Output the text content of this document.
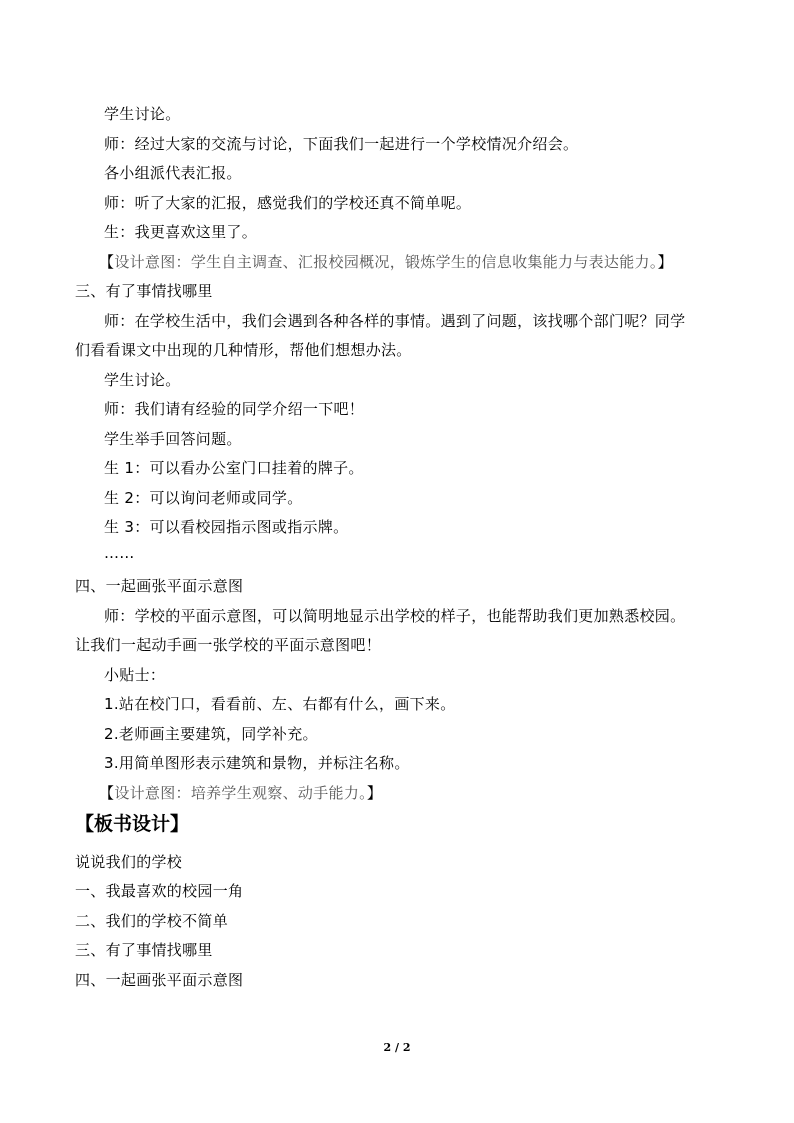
学生讨论。
师：经过大家的交流与讨论，下面我们一起进行一个学校情况介绍会。
各小组派代表汇报。
师：听了大家的汇报，感觉我们的学校还真不简单呢。
生：我更喜欢这里了。
【设计意图：学生自主调查、汇报校园概况，锻炼学生的信息收集能力与表达能力。】
三、有了事情找哪里
师：在学校生活中，我们会遇到各种各样的事情。遇到了问题，该找哪个部门呢？同学
们看看课文中出现的几种情形，帮他们想想办法。
学生讨论。
师：我们请有经验的同学介绍一下吧！
学生举手回答问题。
生 1：可以看办公室门口挂着的牌子。
生 2：可以询问老师或同学。
生 3：可以看校园指示图或指示牌。
……
四、一起画张平面示意图
师：学校的平面示意图，可以简明地显示出学校的样子，也能帮助我们更加熟悉校园。
让我们一起动手画一张学校的平面示意图吧！
小贴士：
1.站在校门口，看看前、左、右都有什么，画下来。
2.老师画主要建筑，同学补充。
3.用简单图形表示建筑和景物，并标注名称。
【设计意图：培养学生观察、动手能力。】
【板书设计】
说说我们的学校
一、我最喜欢的校园一角
二、我们的学校不简单
三、有了事情找哪里
四、一起画张平面示意图
2 / 2
